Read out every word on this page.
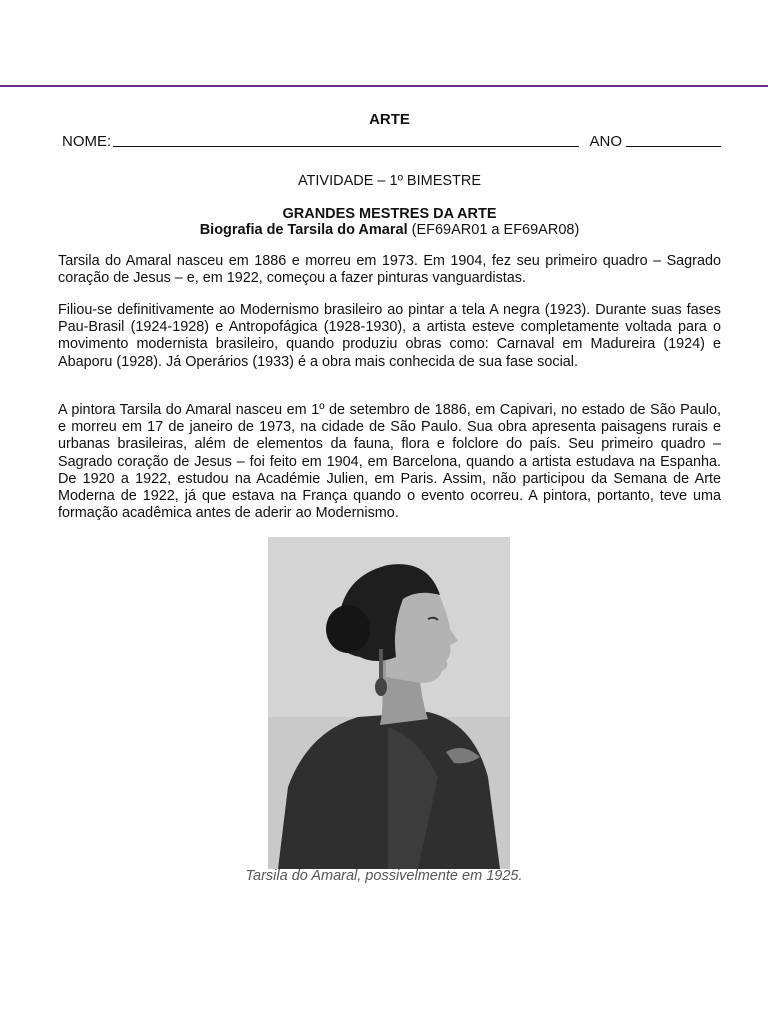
ARTE
NOME:	ANO
ATIVIDADE – 1º BIMESTRE
GRANDES MESTRES DA ARTE
Biografia de Tarsila do Amaral (EF69AR01 a EF69AR08)

Tarsila do Amaral nasceu em 1886 e morreu em 1973. Em 1904, fez seu primeiro quadro – Sagrado coração de Jesus – e, em 1922, começou a fazer pinturas vanguardistas.

Filiou-se definitivamente ao Modernismo brasileiro ao pintar a tela A negra (1923). Durante suas fases Pau-Brasil (1924-1928) e Antropofágica (1928-1930), a artista esteve completamente voltada para o movimento modernista brasileiro, quando produziu obras como: Carnaval em Madureira (1924) e Abaporu (1928). Já Operários (1933) é a obra mais conhecida de sua fase social.

A pintora Tarsila do Amaral nasceu em 1º de setembro de 1886, em Capivari, no estado de São Paulo, e morreu em 17 de janeiro de 1973, na cidade de São Paulo. Sua obra apresenta paisagens rurais e urbanas brasileiras, além de elementos da fauna, flora e folclore do país. Seu primeiro quadro – Sagrado coração de Jesus – foi feito em 1904, em Barcelona, quando a artista estudava na Espanha. De 1920 a 1922, estudou na Académie Julien, em Paris. Assim, não participou da Semana de Arte Moderna de 1922, já que estava na França quando o evento ocorreu. A pintora, portanto, teve uma formação acadêmica antes de aderir ao Modernismo.

Tarsila do Amaral, possivelmente em 1925.
